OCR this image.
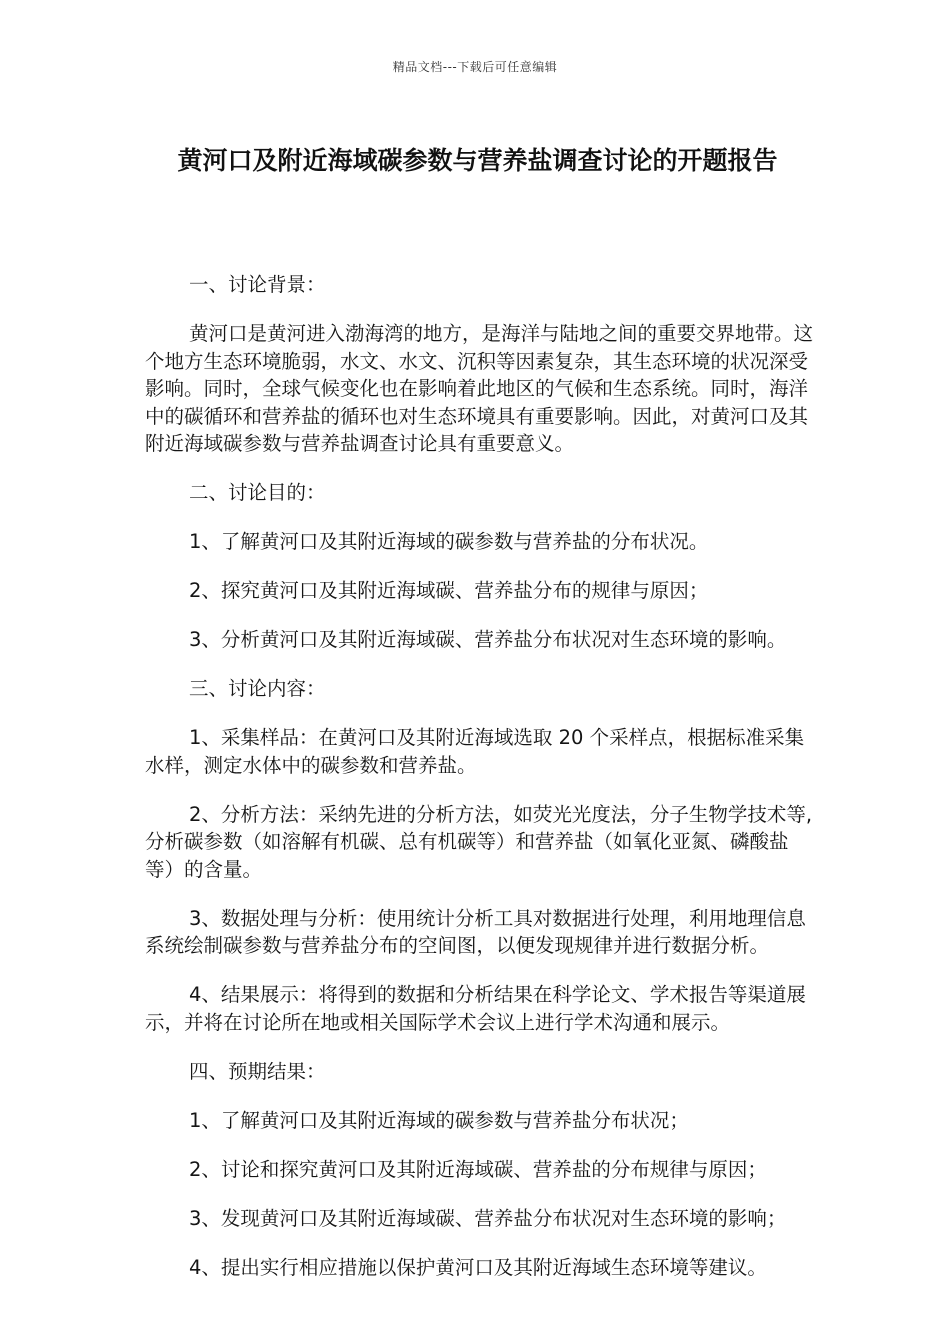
精品文档---下载后可任意编辑
黄河口及附近海域碳参数与营养盐调查讨论的开题报告

一、讨论背景：

黄河口是黄河进入渤海湾的地方，是海洋与陆地之间的重要交界地带。这个地方生态环境脆弱，水文、水文、沉积等因素复杂，其生态环境的状况深受影响。同时，全球气候变化也在影响着此地区的气候和生态系统。同时，海洋中的碳循环和营养盐的循环也对生态环境具有重要影响。因此，对黄河口及其附近海域碳参数与营养盐调查讨论具有重要意义。

二、讨论目的：

1、了解黄河口及其附近海域的碳参数与营养盐的分布状况。

2、探究黄河口及其附近海域碳、营养盐分布的规律与原因；

3、分析黄河口及其附近海域碳、营养盐分布状况对生态环境的影响。

三、讨论内容：

1、采集样品：在黄河口及其附近海域选取 20 个采样点，根据标准采集水样，测定水体中的碳参数和营养盐。

2、分析方法：采纳先进的分析方法，如荧光光度法，分子生物学技术等,分析碳参数（如溶解有机碳、总有机碳等）和营养盐（如氧化亚氮、磷酸盐等）的含量。

3、数据处理与分析：使用统计分析工具对数据进行处理，利用地理信息系统绘制碳参数与营养盐分布的空间图，以便发现规律并进行数据分析。

4、结果展示：将得到的数据和分析结果在科学论文、学术报告等渠道展示，并将在讨论所在地或相关国际学术会议上进行学术沟通和展示。

四、预期结果：

1、了解黄河口及其附近海域的碳参数与营养盐分布状况；

2、讨论和探究黄河口及其附近海域碳、营养盐的分布规律与原因；

3、发现黄河口及其附近海域碳、营养盐分布状况对生态环境的影响；

4、提出实行相应措施以保护黄河口及其附近海域生态环境等建议。
